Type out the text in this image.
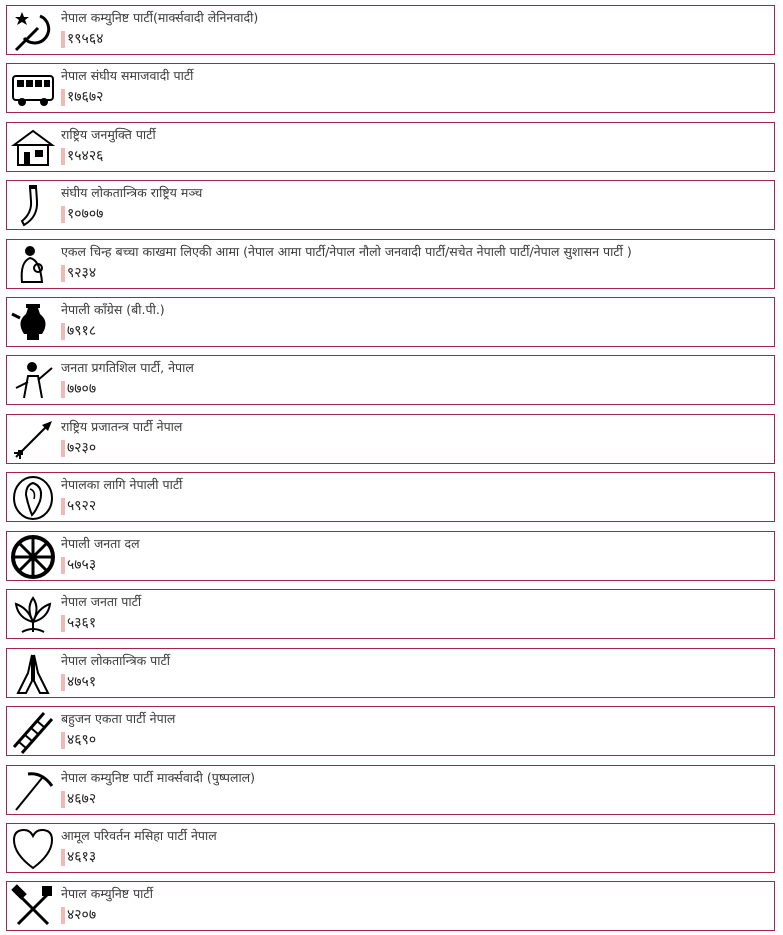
नेपाल कम्युनिष्ट पार्टी(मार्क्सवादी लेनिनवादी)
१९५६४
नेपाल संघीय समाजवादी पार्टी
१७६७२
राष्ट्रिय जनमुक्ति पार्टी
१५४२६
संघीय लोकतान्त्रिक राष्ट्रिय मञ्च
१०७०७
एकल चिन्ह बच्चा काखमा लिएकी आमा (नेपाल आमा पार्टी/नेपाल नौलो जनवादी पार्टी/सचेत नेपाली पार्टी/नेपाल सुशासन पार्टी )
९२३४
नेपाली काँग्रेस (बी.पी.)
७९१८
जनता प्रगतिशिल पार्टी, नेपाल
७७०७
राष्ट्रिय प्रजातन्त्र पार्टी नेपाल
७२३०
नेपालका लागि नेपाली पार्टी
५९२२
नेपाली जनता दल
५७५३
नेपाल जनता पार्टी
५३६१
नेपाल लोकतान्त्रिक पार्टी
४७५१
बहुजन एकता पार्टी नेपाल
४६९०
नेपाल कम्युनिष्ट पार्टी मार्क्सवादी (पुष्पलाल)
४६७२
आमूल परिवर्तन मसिहा पार्टी नेपाल
४६१३
नेपाल कम्युनिष्ट पार्टी
४२०७
